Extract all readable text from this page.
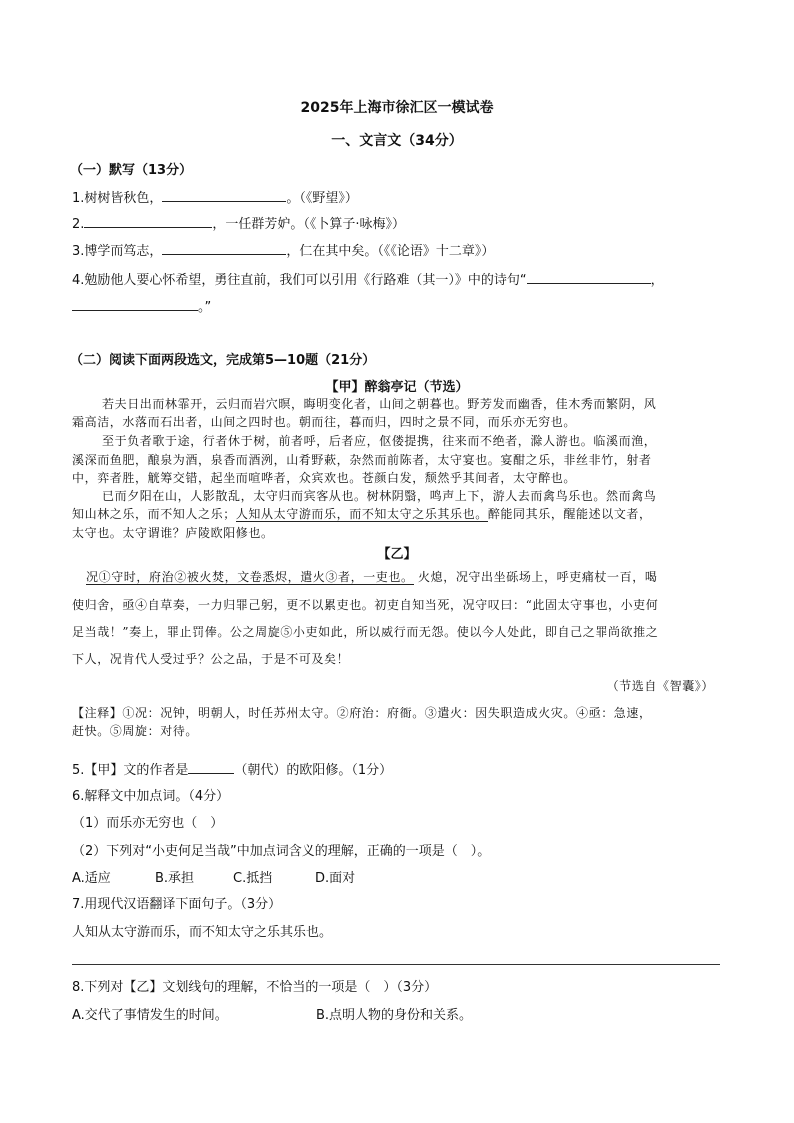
2025年上海市徐汇区一模试卷
一、文言文（34分）
（一）默写（13分）
1.树树皆秋色，	。（《野望》）
2.	，一任群芳妒。（《卜算子·咏梅》）
3.博学而笃志，	，仁在其中矣。（《《论语》十二章》）
4.勉励他人要心怀希望，勇往直前，我们可以引用《行路难（其一）》中的诗句“	，
。”
（二）阅读下面两段选文，完成第5—10题（21分）
【甲】醉翁亭记（节选）
若夫日出而林霏开，云归而岩穴暝，晦明变化者，山间之朝暮也。野芳发而幽香，佳木秀而繁阴，风
霜高洁，水落而石出者，山间之四时也。朝而往，暮而归，四时之景不同，而乐亦无穷也。
至于负者歌于途，行者休于树，前者呼，后者应，伛偻提携，往来而不绝者，滁人游也。临溪而渔，
溪深而鱼肥，酿泉为酒，泉香而酒洌，山肴野蔌，杂然而前陈者，太守宴也。宴酣之乐，非丝非竹，射者
中，弈者胜，觥筹交错，起坐而喧哗者，众宾欢也。苍颜白发，颓然乎其间者，太守醉也。
已而夕阳在山，人影散乱，太守归而宾客从也。树林阴翳，鸣声上下，游人去而禽鸟乐也。然而禽鸟
知山林之乐，而不知人之乐；人知从太守游而乐，而不知太守之乐其乐也。醉能同其乐，醒能述以文者，
太守也。太守谓谁？庐陵欧阳修也。
【乙】
况①守时，府治②被火焚，文卷悉烬，遣火③者，一吏也。 火熄，况守出坐砾场上，呼吏痛杖一百，喝
使归舍，亟④自草奏，一力归罪己躬，更不以累吏也。初吏自知当死，况守叹曰：“此固太守事也，小吏何
足当哉！”奏上，罪止罚俸。公之周旋⑤小吏如此，所以威行而无怨。使以今人处此，即自己之罪尚欲推之
下人，况肯代人受过乎？公之品，于是不可及矣！
（节选自《智囊》）
【注释】①况：况钟，明朝人，时任苏州太守。②府治：府衙。③遣火：因失职造成火灾。④亟：急速，
赶快。⑤周旋：对待。
5.【甲】文的作者是	（朝代）的欧阳修。（1分）
6.解释文中加点词。（4分）
（1）而乐亦无穷也（　）
（2）下列对“小吏何足当哉”中加点词含义的理解，正确的一项是（　）。
A.适应	B.承担	C.抵挡	D.面对
7.用现代汉语翻译下面句子。（3分）
人知从太守游而乐，而不知太守之乐其乐也。
8.下列对【乙】文划线句的理解，不恰当的一项是（　）（3分）
A.交代了事情发生的时间。	B.点明人物的身份和关系。
